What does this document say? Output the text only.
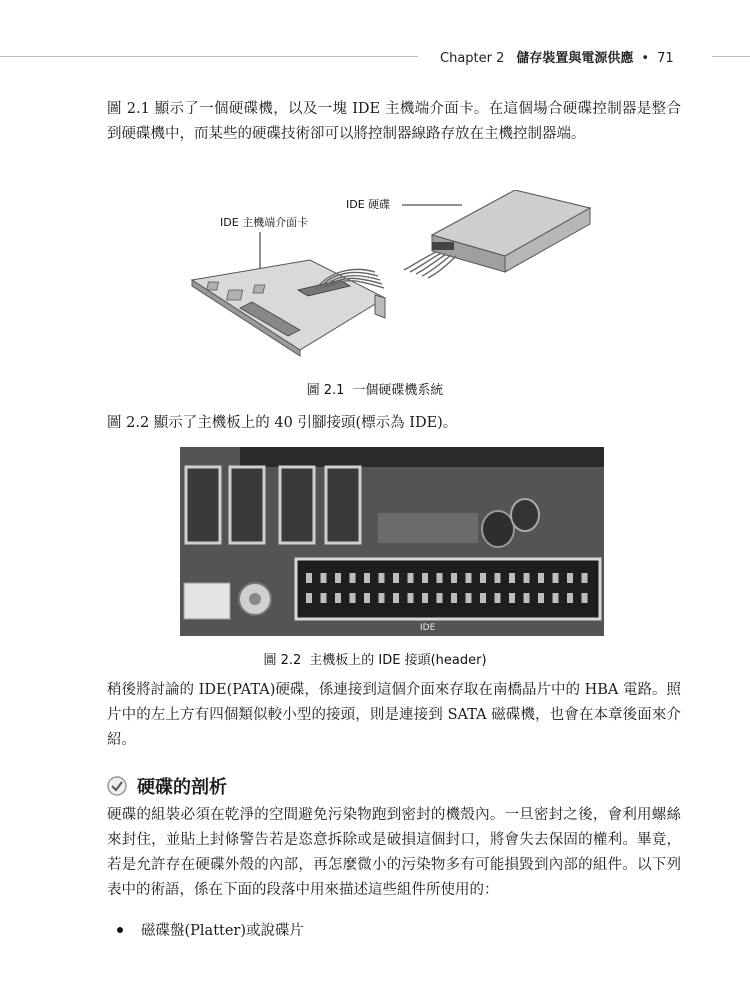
Chapter 2 儲存裝置與電源供應 • 71

圖 2.1 顯示了一個硬碟機，以及一塊 IDE 主機端介面卡。在這個場合硬碟控制器是整合到硬碟機中，而某些的硬碟技術卻可以將控制器線路存放在主機控制器端。

IDE 主機端介面卡
IDE 硬碟
圖 2.1 一個硬碟機系統

圖 2.2 顯示了主機板上的 40 引腳接頭(標示為 IDE)。

IDE
圖 2.2 主機板上的 IDE 接頭(header)

稍後將討論的 IDE(PATA)硬碟，係連接到這個介面來存取在南橋晶片中的 HBA 電路。照片中的左上方有四個類似較小型的接頭，則是連接到 SATA 磁碟機，也會在本章後面來介紹。

硬碟的剖析

硬碟的組裝必須在乾淨的空間避免污染物跑到密封的機殼內。一旦密封之後，會利用螺絲來封住，並貼上封條警告若是恣意拆除或是破損這個封口，將會失去保固的權利。畢竟，若是允許存在硬碟外殼的內部，再怎麼微小的污染物多有可能損毀到內部的組件。以下列表中的術語，係在下面的段落中用來描述這些組件所使用的：

磁碟盤(Platter)或說碟片
